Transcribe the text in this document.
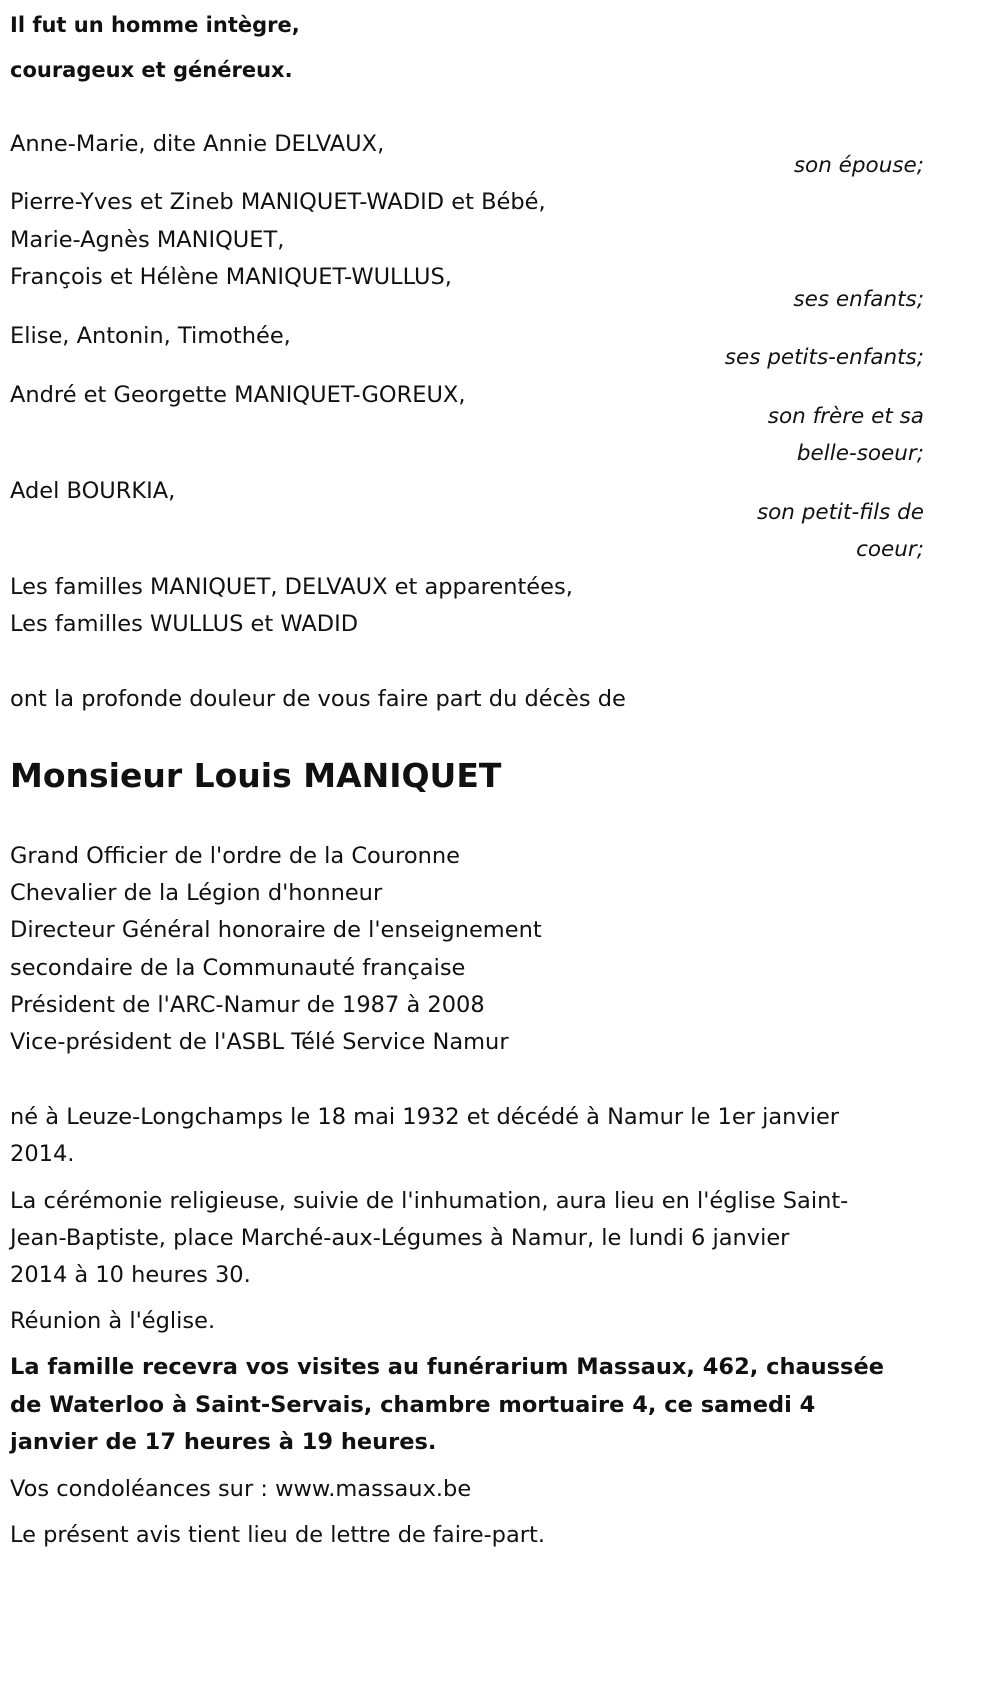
Il fut un homme intègre,
courageux et généreux.
Anne-Marie, dite Annie DELVAUX,
son épouse;
Pierre-Yves et Zineb MANIQUET-WADID et Bébé,
Marie-Agnès MANIQUET,
François et Hélène MANIQUET-WULLUS,
ses enfants;
Elise, Antonin, Timothée,
ses petits-enfants;
André et Georgette MANIQUET-GOREUX,
son frère et sa
belle-soeur;
Adel BOURKIA,
son petit-fils de
coeur;
Les familles MANIQUET, DELVAUX et apparentées,
Les familles WULLUS et WADID
ont la profonde douleur de vous faire part du décès de
Monsieur Louis MANIQUET
Grand Officier de l'ordre de la Couronne
Chevalier de la Légion d'honneur
Directeur Général honoraire de l'enseignement
secondaire de la Communauté française
Président de l'ARC-Namur de 1987 à 2008
Vice-président de l'ASBL Télé Service Namur
né à Leuze-Longchamps le 18 mai 1932 et décédé à Namur le 1er janvier
2014.
La cérémonie religieuse, suivie de l'inhumation, aura lieu en l'église Saint-
Jean-Baptiste, place Marché-aux-Légumes à Namur, le lundi 6 janvier
2014 à 10 heures 30.
Réunion à l'église.
La famille recevra vos visites au funérarium Massaux, 462, chaussée
de Waterloo à Saint-Servais, chambre mortuaire 4, ce samedi 4
janvier de 17 heures à 19 heures.
Vos condoléances sur : www.massaux.be
Le présent avis tient lieu de lettre de faire-part.
